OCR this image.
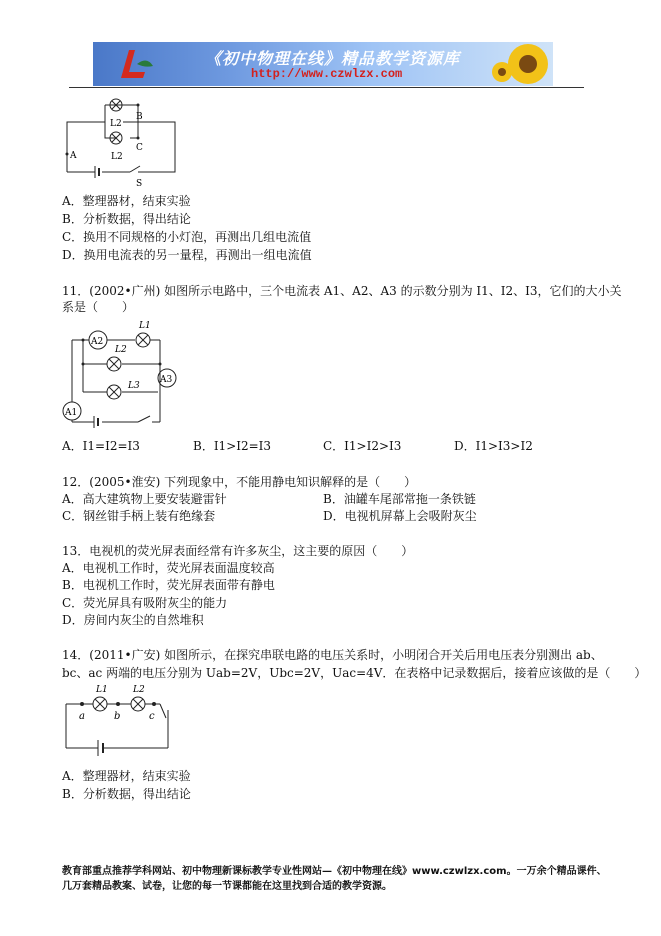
《初中物理在线》精品教学资源库
http://www.czwlzx.com
B
L2
C
L2
A
S
A．整理器材，结束实验
B．分析数据，得出结论
C．换用不同规格的小灯泡，再测出几组电流值
D．换用电流表的另一量程，再测出一组电流值
11．(2002•广州) 如图所示电路中，三个电流表 A1、A2、A3 的示数分别为 I1、I2、I3，它们的大小关
系是（　　）
A2
L1
L2
L3
A3
A1
A．I1=I2=I3	B．I1>I2=I3	C．I1>I2>I3	D．I1>I3>I2
12．(2005•淮安) 下列现象中，不能用静电知识解释的是（　　）
A．高大建筑物上要安装避雷针	B．油罐车尾部常拖一条铁链
C．钢丝钳手柄上装有绝缘套	D．电视机屏幕上会吸附灰尘
13．电视机的荧光屏表面经常有许多灰尘，这主要的原因（　　）
A．电视机工作时，荧光屏表面温度较高
B．电视机工作时，荧光屏表面带有静电
C．荧光屏具有吸附灰尘的能力
D．房间内灰尘的自然堆积
14．(2011•广安) 如图所示，在探究串联电路的电压关系时，小明闭合开关后用电压表分别测出 ab、
bc、ac 两端的电压分别为 Uab=2V，Ubc=2V，Uac=4V．在表格中记录数据后，接着应该做的是（　　）
L1	L2
a	b	c
A．整理器材，结束实验
B．分析数据，得出结论
教育部重点推荐学科网站、初中物理新课标教学专业性网站—《初中物理在线》www.czwlzx.com。一万余个精品课件、
几万套精品教案、试卷，让您的每一节课都能在这里找到合适的教学资源。
